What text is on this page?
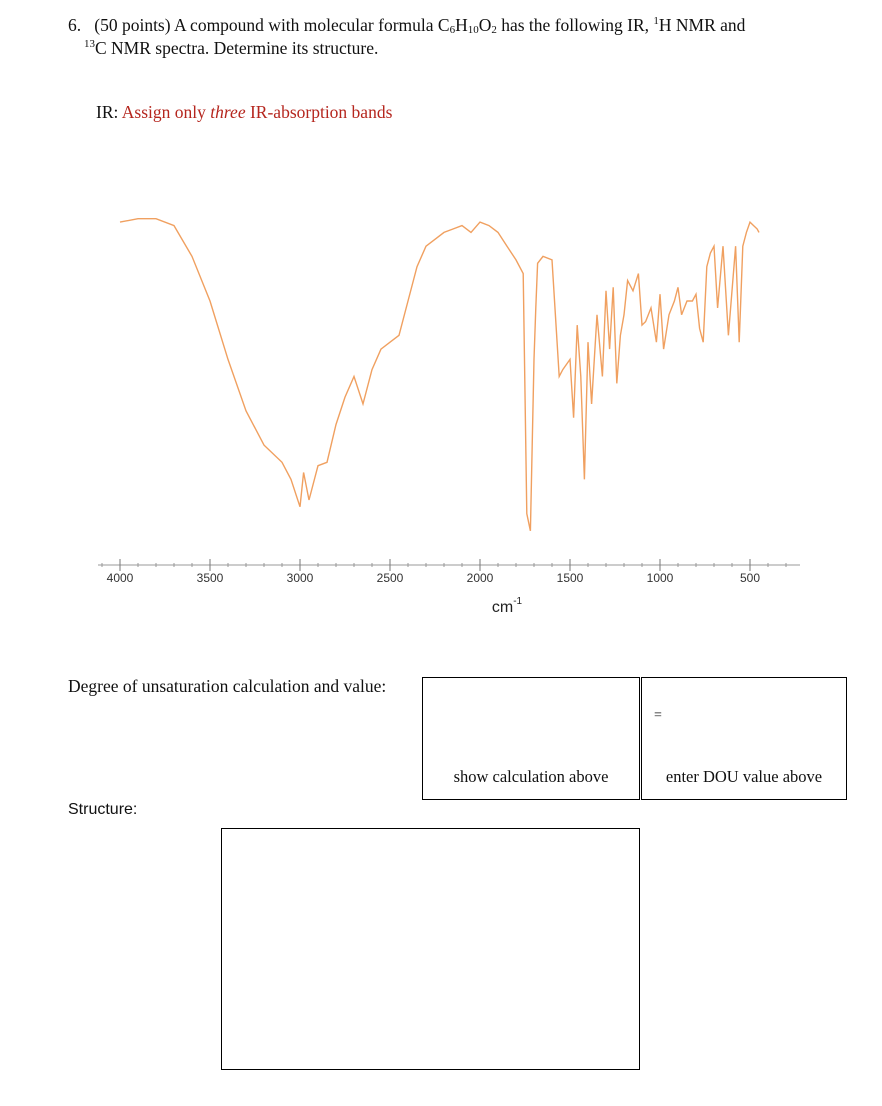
6. (50 points) A compound with molecular formula $C_6H_{10}O_2$ has the following IR, $^1$H NMR and
$^{13}$C NMR spectra. Determine its structure.
IR: Assign only three IR-absorption bands
4000	3500	3000	2500	2000	1500	1000	500
$cm^{-1}$
Degree of unsaturation calculation and value:
show calculation above
=
enter DOU value above
Structure:
